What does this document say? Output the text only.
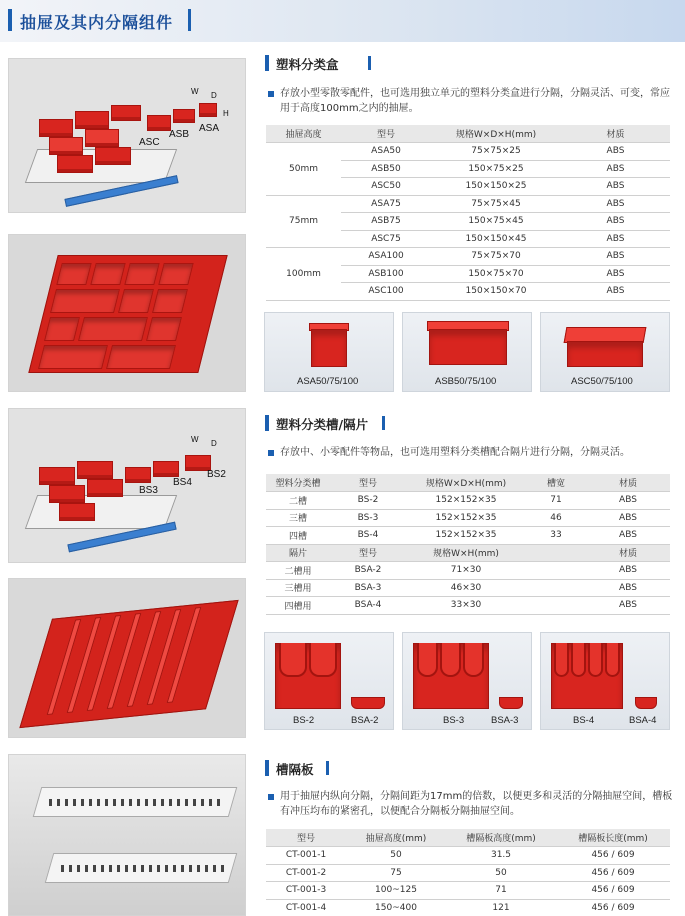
抽屉及其内分隔组件
ASC
ASB
ASA
W D
H
塑料分类盒
存放小型零散零配件，也可选用独立单元的塑料分类盒进行分隔，分隔灵活、可变，常应用于高度100mm之内的抽屉。
抽屉高度	型号	规格W×D×H(mm)	材质
50mm	ASA50	75×75×25	ABS
	ASB50	150×75×25	ABS
	ASC50	150×150×25	ABS
75mm	ASA75	75×75×45	ABS
	ASB75	150×75×45	ABS
	ASC75	150×150×45	ABS
100mm	ASA100	75×75×70	ABS
	ASB100	150×75×70	ABS
	ASC100	150×150×70	ABS
ASA50/75/100	ASB50/75/100	ASC50/75/100
BS3
BS4
BS2
W D
塑料分类槽/隔片
存放中、小零配件等物品，也可选用塑料分类槽配合隔片进行分隔，分隔灵活。
塑料分类槽	型号	规格W×D×H(mm)	槽宽	材质
二槽	BS-2	152×152×35	71	ABS
三槽	BS-3	152×152×35	46	ABS
四槽	BS-4	152×152×35	33	ABS
隔片	型号	规格W×H(mm)		材质
二槽用	BSA-2	71×30		ABS
三槽用	BSA-3	46×30		ABS
四槽用	BSA-4	33×30		ABS
BS-2	BSA-2	BS-3	BSA-3	BS-4	BSA-4
槽隔板
用于抽屉内纵向分隔，分隔间距为17mm的倍数，以便更多和灵活的分隔抽屉空间，槽板有冲压均布的紧密孔，以便配合分隔板分隔抽屉空间。
型号	抽屉高度(mm)	槽隔板高度(mm)	槽隔板长度(mm)
CT-001-1	50	31.5	456 / 609
CT-001-2	75	50	456 / 609
CT-001-3	100~125	71	456 / 609
CT-001-4	150~400	121	456 / 609
